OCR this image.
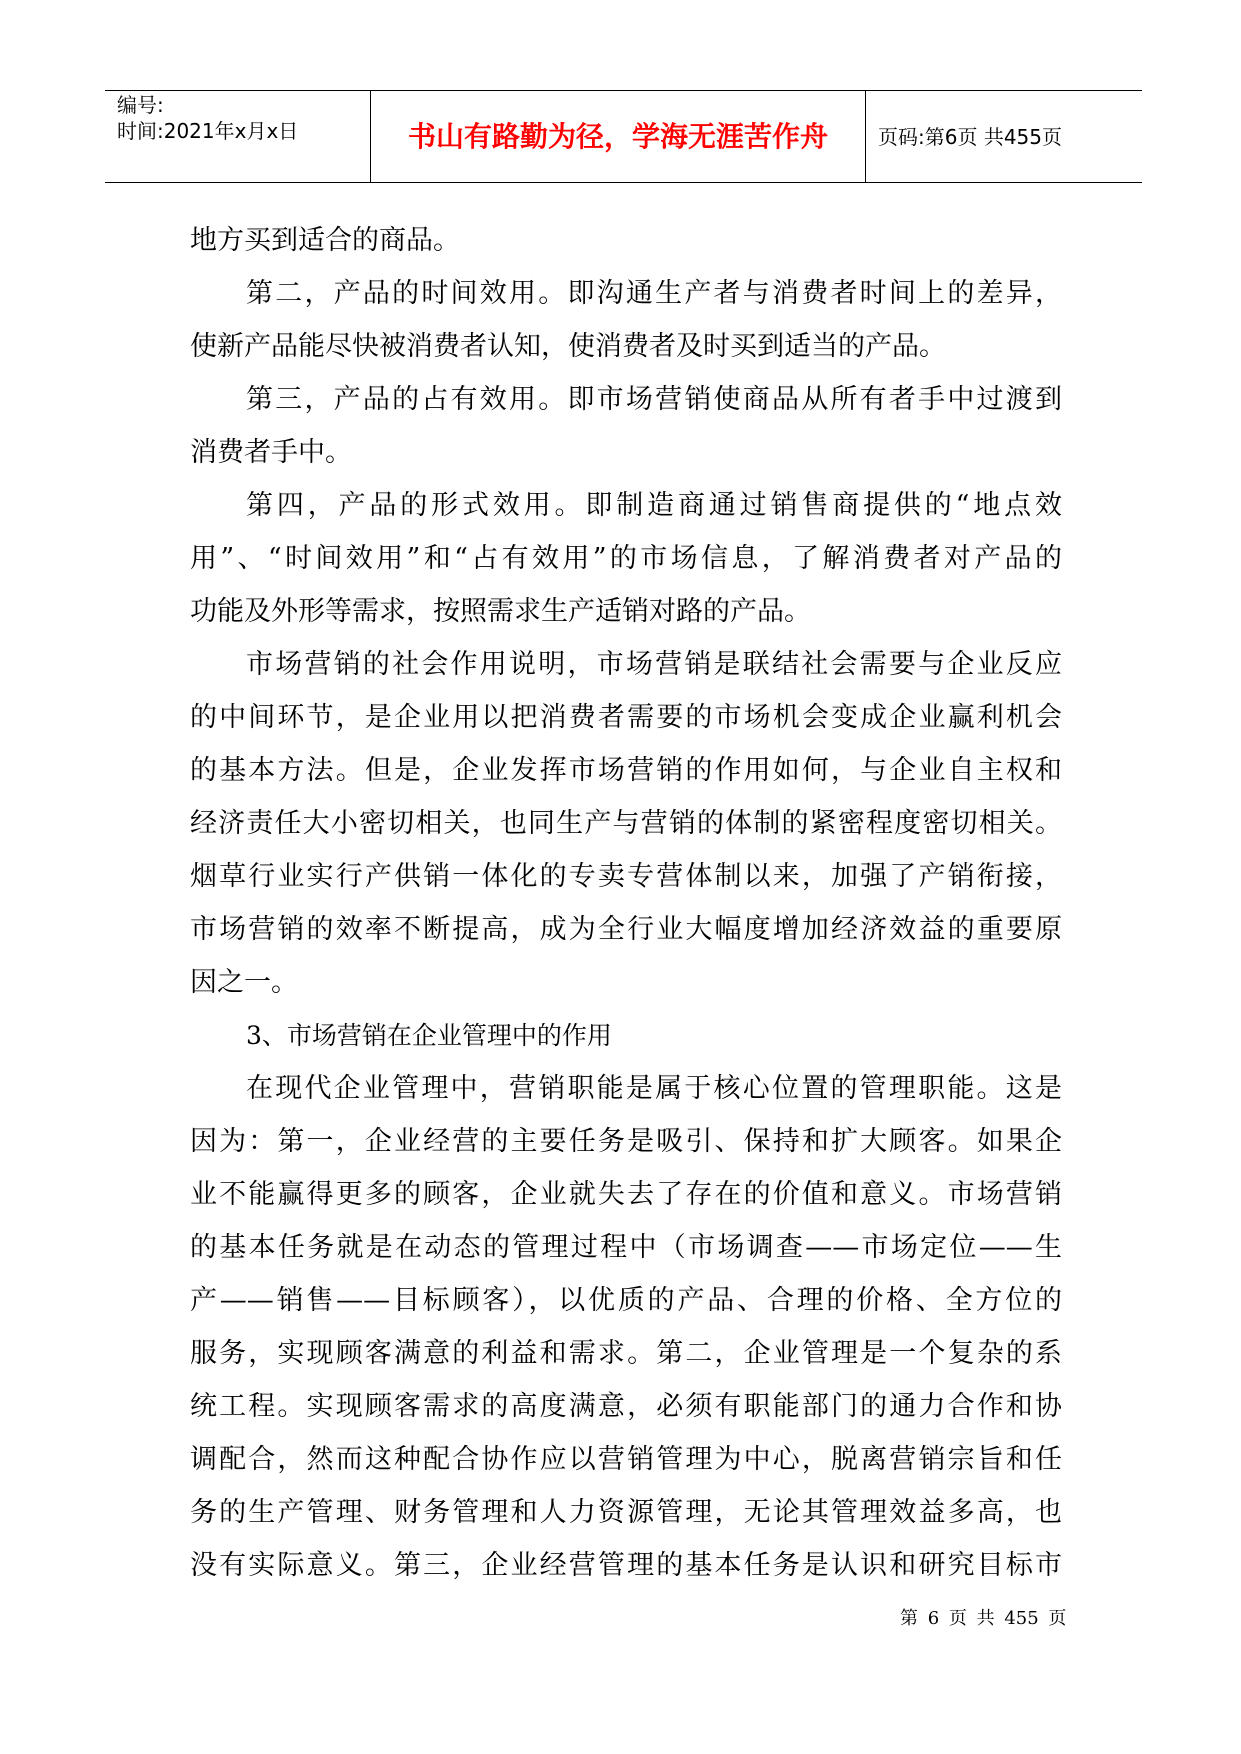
编号:
时间:2021年x月x日	书山有路勤为径，学海无涯苦作舟	页码:第6页 共455页
地方买到适合的商品。
第二，产品的时间效用。即沟通生产者与消费者时间上的差异，
使新产品能尽快被消费者认知，使消费者及时买到适当的产品。
第三，产品的占有效用。即市场营销使商品从所有者手中过渡到
消费者手中。
第四，产品的形式效用。即制造商通过销售商提供的“地点效
用”、“时间效用”和“占有效用”的市场信息，了解消费者对产品的
功能及外形等需求，按照需求生产适销对路的产品。
市场营销的社会作用说明，市场营销是联结社会需要与企业反应
的中间环节，是企业用以把消费者需要的市场机会变成企业赢利机会
的基本方法。但是，企业发挥市场营销的作用如何，与企业自主权和
经济责任大小密切相关，也同生产与营销的体制的紧密程度密切相关。
烟草行业实行产供销一体化的专卖专营体制以来，加强了产销衔接，
市场营销的效率不断提高，成为全行业大幅度增加经济效益的重要原
因之一。
3、市场营销在企业管理中的作用
在现代企业管理中，营销职能是属于核心位置的管理职能。这是
因为：第一，企业经营的主要任务是吸引、保持和扩大顾客。如果企
业不能赢得更多的顾客，企业就失去了存在的价值和意义。市场营销
的基本任务就是在动态的管理过程中（市场调查——市场定位——生
产——销售——目标顾客），以优质的产品、合理的价格、全方位的
服务，实现顾客满意的利益和需求。第二，企业管理是一个复杂的系
统工程。实现顾客需求的高度满意，必须有职能部门的通力合作和协
调配合，然而这种配合协作应以营销管理为中心，脱离营销宗旨和任
务的生产管理、财务管理和人力资源管理，无论其管理效益多高，也
没有实际意义。第三，企业经营管理的基本任务是认识和研究目标市
第 6 页 共 455 页
